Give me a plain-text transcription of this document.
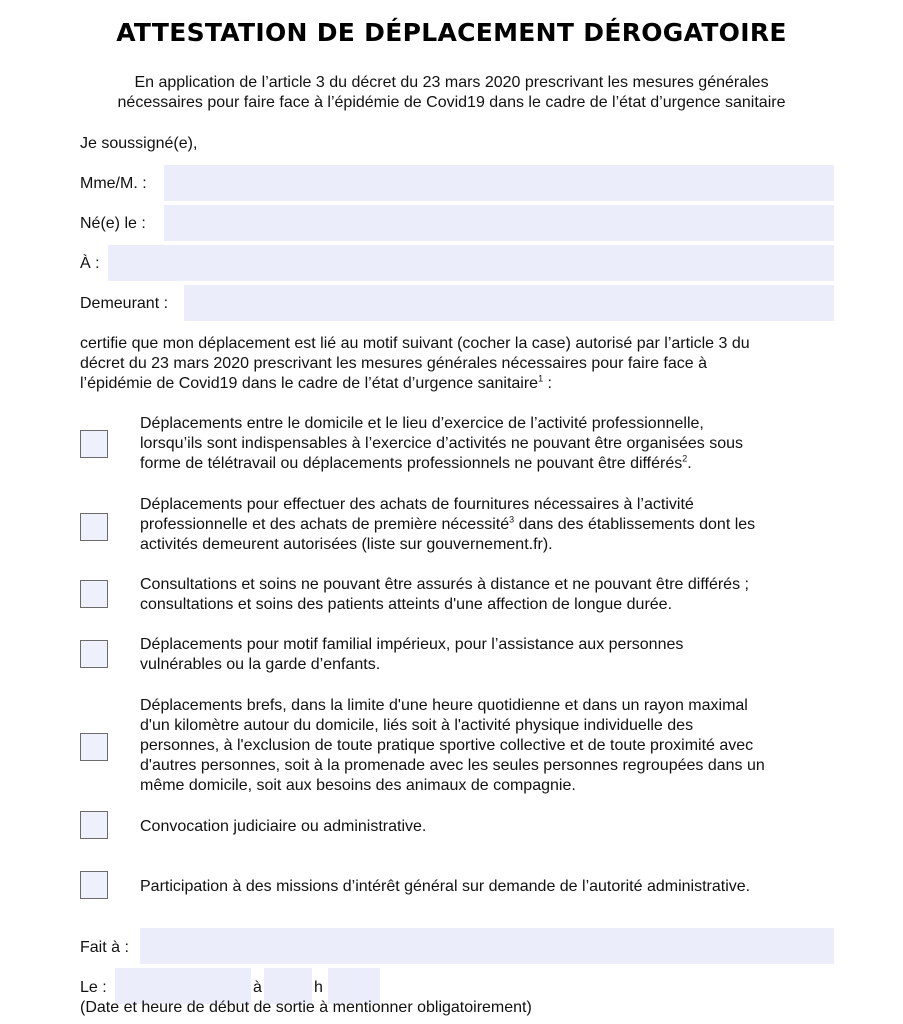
ATTESTATION DE DÉPLACEMENT DÉROGATOIRE
En application de l’article 3 du décret du 23 mars 2020 prescrivant les mesures générales
nécessaires pour faire face à l’épidémie de Covid19 dans le cadre de l’état d’urgence sanitaire
Je soussigné(e),
Mme/M. :
Né(e) le :
À :
Demeurant :
certifie que mon déplacement est lié au motif suivant (cocher la case) autorisé par l’article 3 du
décret du 23 mars 2020 prescrivant les mesures générales nécessaires pour faire face à
l’épidémie de Covid19 dans le cadre de l’état d’urgence sanitaire$^1$ :
Déplacements entre le domicile et le lieu d’exercice de l’activité professionnelle,
lorsqu’ils sont indispensables à l’exercice d’activités ne pouvant être organisées sous
forme de télétravail ou déplacements professionnels ne pouvant être différés$^2$.
Déplacements pour effectuer des achats de fournitures nécessaires à l’activité
professionnelle et des achats de première nécessité$^3$ dans des établissements dont les
activités demeurent autorisées (liste sur gouvernement.fr).
Consultations et soins ne pouvant être assurés à distance et ne pouvant être différés ;
consultations et soins des patients atteints d'une affection de longue durée.
Déplacements pour motif familial impérieux, pour l’assistance aux personnes
vulnérables ou la garde d’enfants.
Déplacements brefs, dans la limite d'une heure quotidienne et dans un rayon maximal
d'un kilomètre autour du domicile, liés soit à l'activité physique individuelle des
personnes, à l'exclusion de toute pratique sportive collective et de toute proximité avec
d'autres personnes, soit à la promenade avec les seules personnes regroupées dans un
même domicile, soit aux besoins des animaux de compagnie.
Convocation judiciaire ou administrative.
Participation à des missions d’intérêt général sur demande de l’autorité administrative.
Fait à :
Le :	à	h
(Date et heure de début de sortie à mentionner obligatoirement)
